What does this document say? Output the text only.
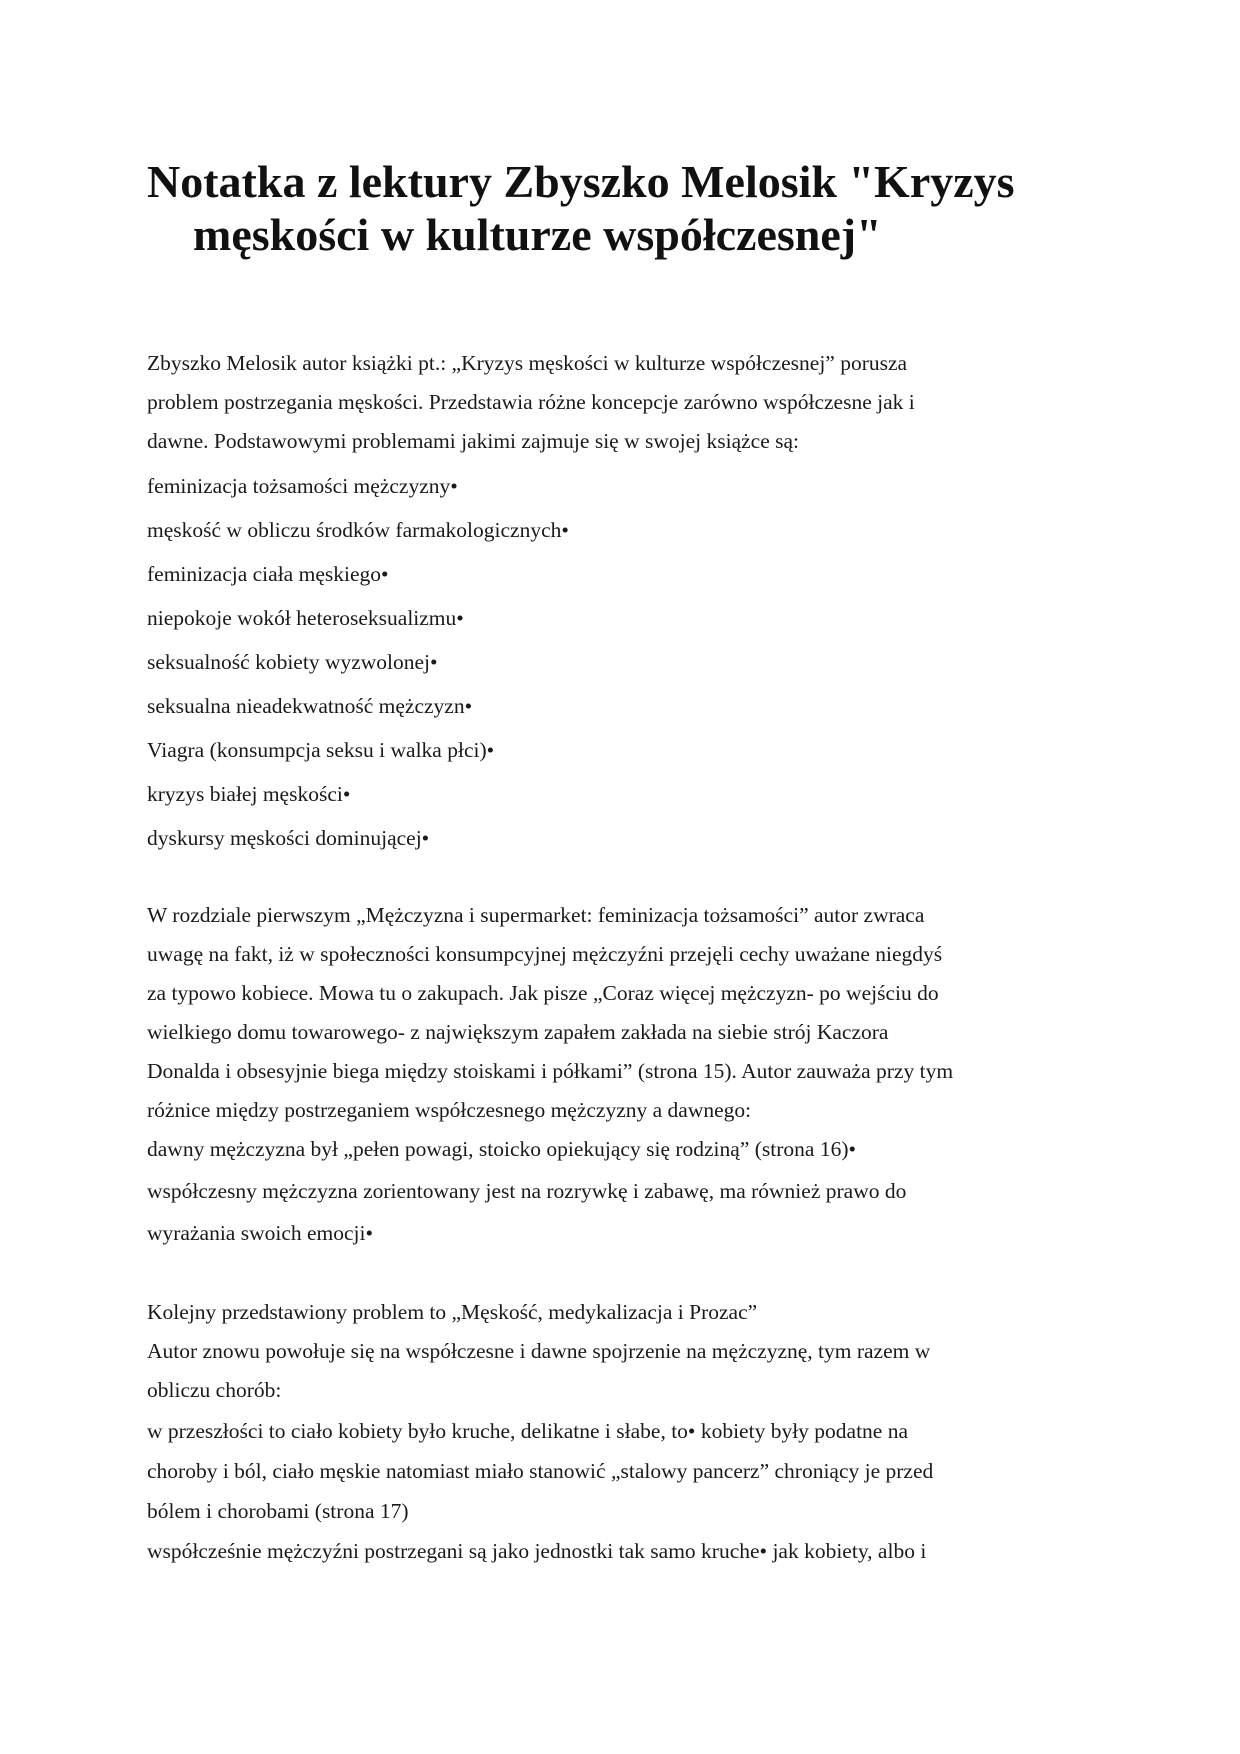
Notatka z lektury Zbyszko Melosik "Kryzys
męskości w kulturze współczesnej"
Zbyszko Melosik autor książki pt.: „Kryzys męskości w kulturze współczesnej” porusza
problem postrzegania męskości. Przedstawia różne koncepcje zarówno współczesne jak i
dawne. Podstawowymi problemami jakimi zajmuje się w swojej książce są:
feminizacja tożsamości mężczyzny•
męskość w obliczu środków farmakologicznych•
feminizacja ciała męskiego•
niepokoje wokół heteroseksualizmu•
seksualność kobiety wyzwolonej•
seksualna nieadekwatność mężczyzn•
Viagra (konsumpcja seksu i walka płci)•
kryzys białej męskości•
dyskursy męskości dominującej•
W rozdziale pierwszym „Mężczyzna i supermarket: feminizacja tożsamości” autor zwraca
uwagę na fakt, iż w społeczności konsumpcyjnej mężczyźni przejęli cechy uważane niegdyś
za typowo kobiece. Mowa tu o zakupach. Jak pisze „Coraz więcej mężczyzn- po wejściu do
wielkiego domu towarowego- z największym zapałem zakłada na siebie strój Kaczora
Donalda i obsesyjnie biega między stoiskami i półkami” (strona 15). Autor zauważa przy tym
różnice między postrzeganiem współczesnego mężczyzny a dawnego:
dawny mężczyzna był „pełen powagi, stoicko opiekujący się rodziną” (strona 16)•
współczesny mężczyzna zorientowany jest na rozrywkę i zabawę, ma również prawo do
wyrażania swoich emocji•
Kolejny przedstawiony problem to „Męskość, medykalizacja i Prozac”
Autor znowu powołuje się na współczesne i dawne spojrzenie na mężczyznę, tym razem w
obliczu chorób:
w przeszłości to ciało kobiety było kruche, delikatne i słabe, to• kobiety były podatne na
choroby i ból, ciało męskie natomiast miało stanowić „stalowy pancerz” chroniący je przed
bólem i chorobami (strona 17)
współcześnie mężczyźni postrzegani są jako jednostki tak samo kruche• jak kobiety, albo i
